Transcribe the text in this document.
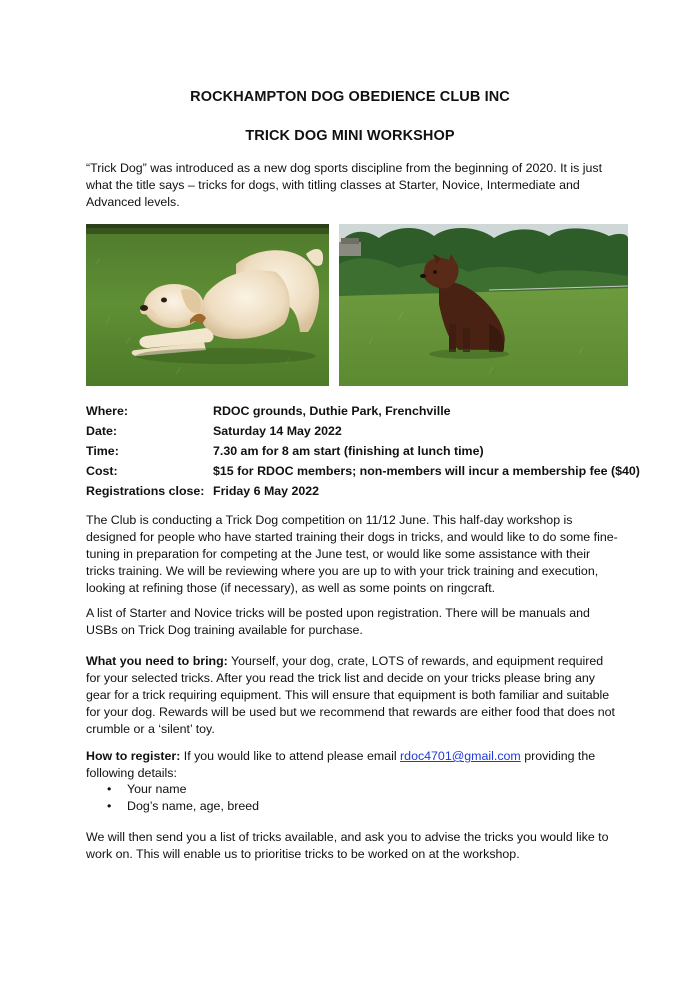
ROCKHAMPTON DOG OBEDIENCE CLUB INC
TRICK DOG MINI WORKSHOP

“Trick Dog” was introduced as a new dog sports discipline from the beginning of 2020. It is just what the title says – tricks for dogs, with titling classes at Starter, Novice, Intermediate and Advanced levels.

Where:	RDOC grounds, Duthie Park, Frenchville
Date:	Saturday 14 May 2022
Time:	7.30 am for 8 am start (finishing at lunch time)
Cost:	$15 for RDOC members; non-members will incur a membership fee ($40)
Registrations close: Friday 6 May 2022

The Club is conducting a Trick Dog competition on 11/12 June. This half-day workshop is designed for people who have started training their dogs in tricks, and would like to do some fine-tuning in preparation for competing at the June test, or would like some assistance with their tricks training. We will be reviewing where you are up to with your trick training and execution, looking at refining those (if necessary), as well as some points on ringcraft.

A list of Starter and Novice tricks will be posted upon registration. There will be manuals and USBs on Trick Dog training available for purchase.

What you need to bring: Yourself, your dog, crate, LOTS of rewards, and equipment required for your selected tricks. After you read the trick list and decide on your tricks please bring any gear for a trick requiring equipment. This will ensure that equipment is both familiar and suitable for your dog. Rewards will be used but we recommend that rewards are either food that does not crumble or a ‘silent’ toy.

How to register: If you would like to attend please email rdoc4701@gmail.com providing the following details:

•	Your name
•	Dog’s name, age, breed

We will then send you a list of tricks available, and ask you to advise the tricks you would like to work on. This will enable us to prioritise tricks to be worked on at the workshop.
